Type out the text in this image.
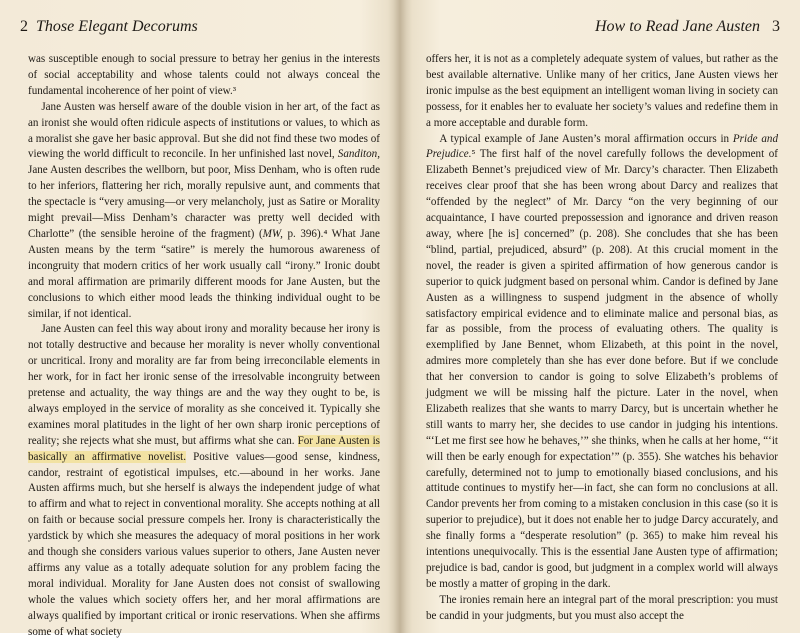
2 Those Elegant Decorums

was susceptible enough to social pressure to betray her genius in the interests of social acceptability and whose talents could not always conceal the fundamental incoherence of her point of view.³

Jane Austen was herself aware of the double vision in her art, of the fact as an ironist she would often ridicule aspects of institutions or values, to which as a moralist she gave her basic approval. But she did not find these two modes of viewing the world difficult to reconcile. In her unfinished last novel, Sanditon, Jane Austen describes the wellborn, but poor, Miss Denham, who is often rude to her inferiors, flattering her rich, morally repulsive aunt, and comments that the spectacle is “very amusing—or very melancholy, just as Satire or Morality might prevail—Miss Denham’s character was pretty well decided with Charlotte” (the sensible heroine of the fragment) (MW, p. 396).⁴ What Jane Austen means by the term “satire” is merely the humorous awareness of incongruity that modern critics of her work usually call “irony.” Ironic doubt and moral affirmation are primarily different moods for Jane Austen, but the conclusions to which either mood leads the thinking individual ought to be similar, if not identical.

Jane Austen can feel this way about irony and morality because her irony is not totally destructive and because her morality is never wholly conventional or uncritical. Irony and morality are far from being irreconcilable elements in her work, for in fact her ironic sense of the irresolvable incongruity between pretense and actuality, the way things are and the way they ought to be, is always employed in the service of morality as she conceived it. Typically she examines moral platitudes in the light of her own sharp ironic perceptions of reality; she rejects what she must, but affirms what she can. For Jane Austen is basically an affirmative novelist. Positive values—good sense, kindness, candor, restraint of egotistical impulses, etc.—abound in her works. Jane Austen affirms much, but she herself is always the independent judge of what to affirm and what to reject in conventional morality. She accepts nothing at all on faith or because social pressure compels her. Irony is characteristically the yardstick by which she measures the adequacy of moral positions in her work and though she considers various values superior to others, Jane Austen never affirms any value as a totally adequate solution for any problem facing the moral individual. Morality for Jane Austen does not consist of swallowing whole the values which society offers her, and her moral affirmations are always qualified by important critical or ironic reservations. When she affirms some of what society

How to Read Jane Austen 3

offers her, it is not as a completely adequate system of values, but rather as the best available alternative. Unlike many of her critics, Jane Austen views her ironic impulse as the best equipment an intelligent woman living in society can possess, for it enables her to evaluate her society’s values and redefine them in a more acceptable and durable form.

A typical example of Jane Austen’s moral affirmation occurs in Pride and Prejudice.⁵ The first half of the novel carefully follows the development of Elizabeth Bennet’s prejudiced view of Mr. Darcy’s character. Then Elizabeth receives clear proof that she has been wrong about Darcy and realizes that “offended by the neglect” of Mr. Darcy “on the very beginning of our acquaintance, I have courted prepossession and ignorance and driven reason away, where [he is] concerned” (p. 208). She concludes that she has been “blind, partial, prejudiced, absurd” (p. 208). At this crucial moment in the novel, the reader is given a spirited affirmation of how generous candor is superior to quick judgment based on personal whim. Candor is defined by Jane Austen as a willingness to suspend judgment in the absence of wholly satisfactory empirical evidence and to eliminate malice and personal bias, as far as possible, from the process of evaluating others. The quality is exemplified by Jane Bennet, whom Elizabeth, at this point in the novel, admires more completely than she has ever done before. But if we conclude that her conversion to candor is going to solve Elizabeth’s problems of judgment we will be missing half the picture. Later in the novel, when Elizabeth realizes that she wants to marry Darcy, but is uncertain whether he still wants to marry her, she decides to use candor in judging his intentions. “‘Let me first see how he behaves,’” she thinks, when he calls at her home, “‘it will then be early enough for expectation’” (p. 355). She watches his behavior carefully, determined not to jump to emotionally biased conclusions, and his attitude continues to mystify her—in fact, she can form no conclusions at all. Candor prevents her from coming to a mistaken conclusion in this case (so it is superior to prejudice), but it does not enable her to judge Darcy accurately, and she finally forms a “desperate resolution” (p. 365) to make him reveal his intentions unequivocally. This is the essential Jane Austen type of affirmation; prejudice is bad, candor is good, but judgment in a complex world will always be mostly a matter of groping in the dark.

The ironies remain here an integral part of the moral prescription: you must be candid in your judgments, but you must also accept the
